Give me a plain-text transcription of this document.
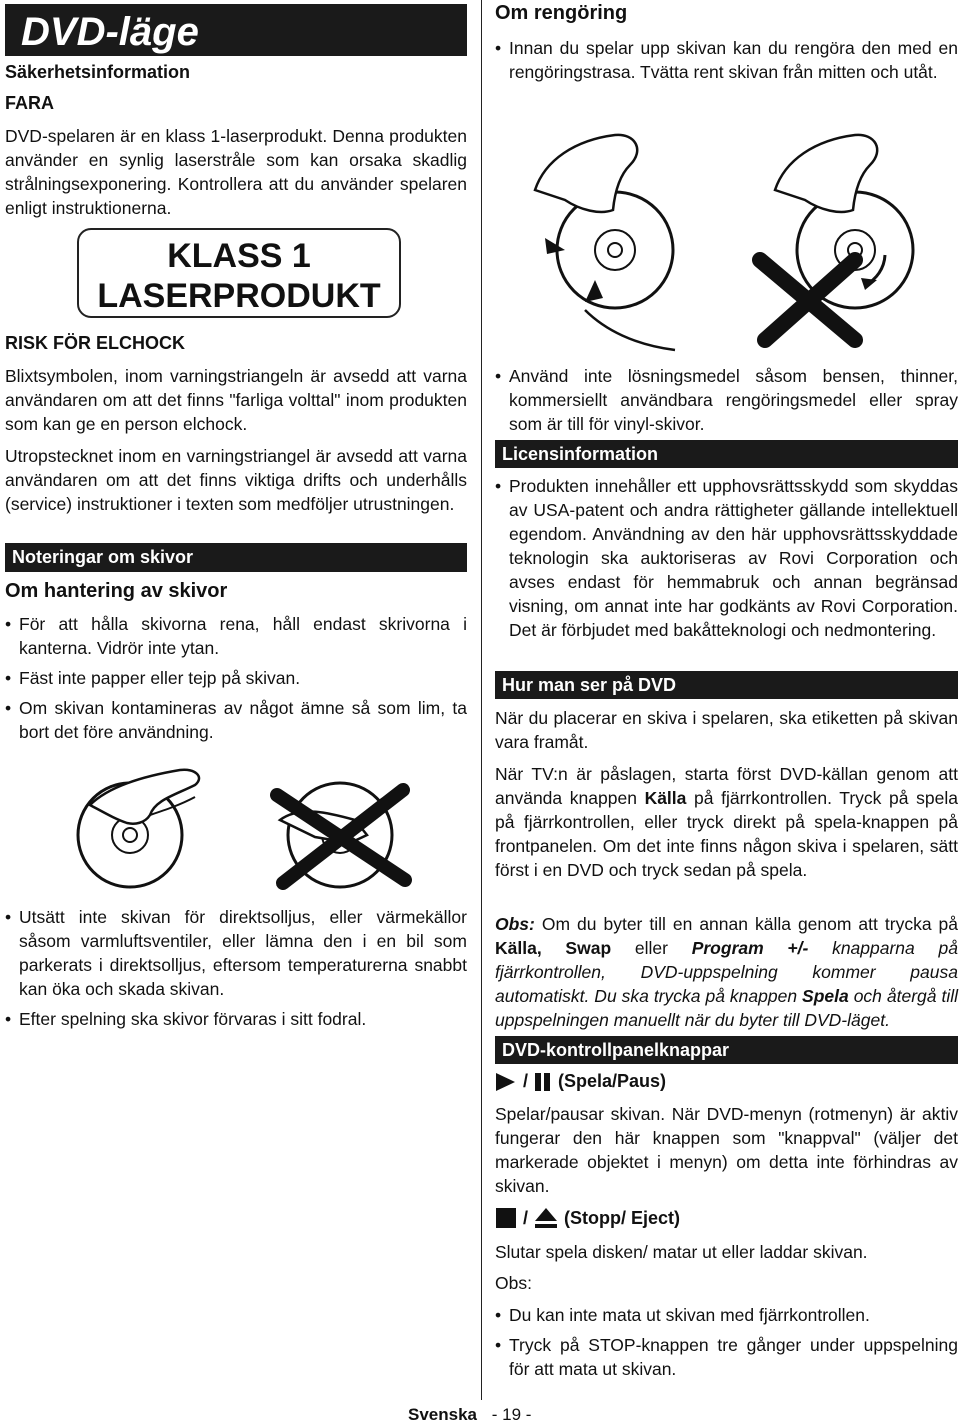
DVD-läge
Säkerhetsinformation
FARA

DVD-spelaren är en klass 1-laserprodukt. Denna produkten använder en synlig laserstråle som kan orsaka skadlig strålningsexponering. Kontrollera att du använder spelaren enligt instruktionerna.

KLASS 1
LASERPRODUKT
RISK FÖR ELCHOCK

Blixtsymbolen, inom varningstriangeln är avsedd att varna användaren om att det finns "farliga volttal" inom produkten som kan ge en person elchock.

Utropstecknet inom en varningstriangel är avsedd att varna användaren om att det finns viktiga drifts och underhålls (service) instruktioner i texten som medföljer utrustningen.

Noteringar om skivor
Om hantering av skivor
• För att hålla skivorna rena, håll endast skrivorna i kanterna. Vidrör inte ytan.
• Fäst inte papper eller tejp på skivan.
• Om skivan kontamineras av något ämne så som lim, ta bort det före användning.
• Utsätt inte skivan för direktsolljus, eller värmekällor såsom varmluftsventiler, eller lämna den i en bil som parkerats i direktsolljus, eftersom temperaturerna snabbt kan öka och skada skivan.
• Efter spelning ska skivor förvaras i sitt fodral.
Om rengöring
• Innan du spelar upp skivan kan du rengöra den med en rengöringstrasa. Tvätta rent skivan från mitten och utåt.
• Använd inte lösningsmedel såsom bensen, thinner, kommersiellt användbara rengöringsmedel eller spray som är till för vinyl-skivor.
Licensinformation
• Produkten innehåller ett upphovsrättsskydd som skyddas av USA-patent och andra rättigheter gällande intellektuell egendom. Användning av den här upphovsrättsskyddade teknologin ska auktoriseras av Rovi Corporation och avses endast för hemmabruk och annan begränsad visning, om annat inte har godkänts av Rovi Corporation. Det är förbjudet med bakåtteknologi och nedmontering.
Hur man ser på DVD

När du placerar en skiva i spelaren, ska etiketten på skivan vara framåt.

När TV:n är påslagen, starta först DVD-källan genom att använda knappen Källa på fjärrkontrollen. Tryck på spela på fjärrkontrollen, eller tryck direkt på spela-knappen på frontpanelen. Om det inte finns någon skiva i spelaren, sätt först i en DVD och tryck sedan på spela.

Obs: Om du byter till en annan källa genom att trycka på Källa, Swap eller Program +/- knapparna på fjärrkontrollen, DVD-uppspelning kommer pausa automatiskt. Du ska trycka på knappen Spela och återgå till uppspelningen manuellt när du byter till DVD-läget.

DVD-kontrollpanelknappar
/ (Spela/Paus)

Spelar/pausar skivan. När DVD-menyn (rotmenyn) är aktiv fungerar den här knappen som "knappval" (väljer det markerade objektet i menyn) om detta inte förhindras av skivan.

/ (Stopp/ Eject)

Slutar spela disken/ matar ut eller laddar skivan.

Obs:

• Du kan inte mata ut skivan med fjärrkontrollen.
• Tryck på STOP-knappen tre gånger under uppspelning för att mata ut skivan.
Svenska - 19 -
